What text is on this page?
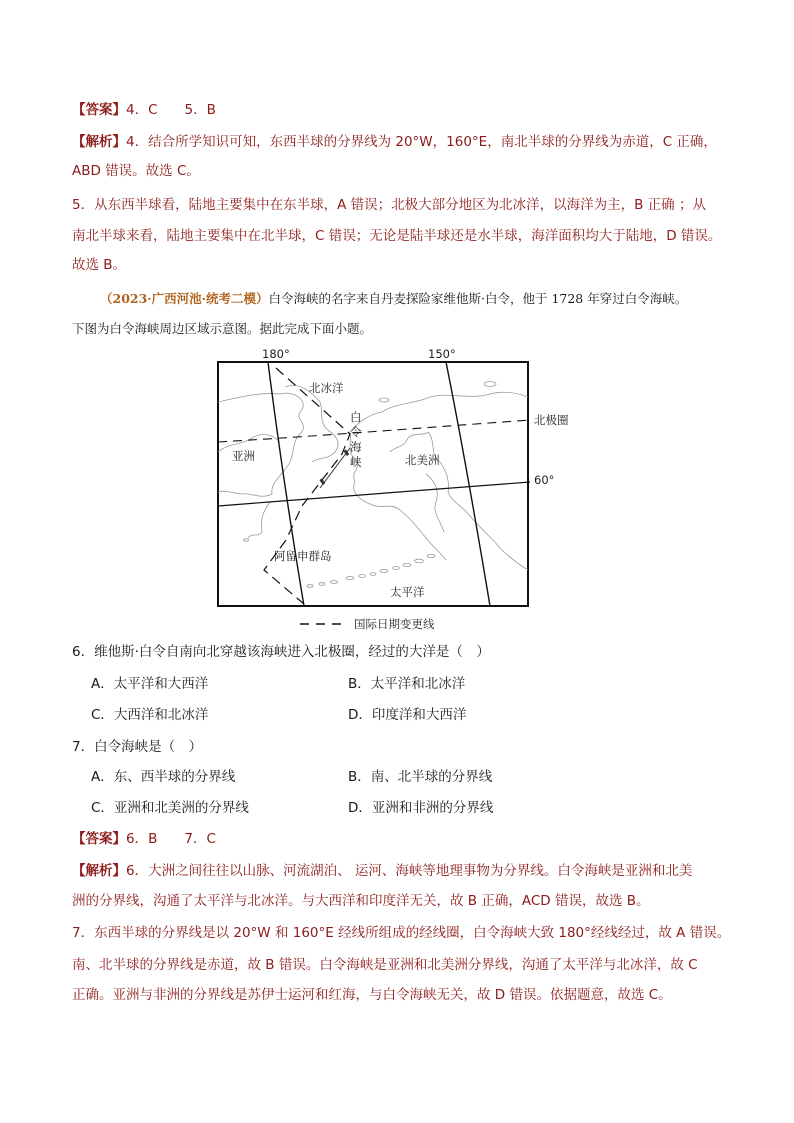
【答案】4．C　　5．B

【解析】4．结合所学知识可知，东西半球的分界线为 20°W，160°E，南北半球的分界线为赤道，C 正确，

ABD 错误。故选 C。

5．从东西半球看，陆地主要集中在东半球，A 错误；北极大部分地区为北冰洋，以海洋为主，B 正确 ；从

南北半球来看，陆地主要集中在北半球，C 错误；无论是陆半球还是水半球，海洋面积均大于陆地，D 错误。

故选 B。

（2023·广西河池·统考二模）白令海峡的名字来自丹麦探险家维他斯·白令，他于 1728 年穿过白令海峡。

下图为白令海峡周边区域示意图。据此完成下面小题。

180°	150°
北冰洋
白
令
海
峡
亚洲	北美洲
北极圈
60°
阿留申群岛
太平洋
国际日期变更线

6．维他斯·白令自南向北穿越该海峡进入北极圈，经过的大洋是（　）

A．太平洋和大西洋	B．太平洋和北冰洋
C．大西洋和北冰洋	D．印度洋和大西洋

7．白令海峡是（　）

A．东、西半球的分界线	B．南、北半球的分界线
C．亚洲和北美洲的分界线	D．亚洲和非洲的分界线

【答案】6．B　　7．C

【解析】6．大洲之间往往以山脉、河流湖泊、 运河、海峡等地理事物为分界线。白令海峡是亚洲和北美

洲的分界线，沟通了太平洋与北冰洋。与大西洋和印度洋无关，故 B 正确，ACD 错误，故选 B。

7．东西半球的分界线是以 20°W 和 160°E 经线所组成的经线圈，白令海峡大致 180°经线经过，故 A 错误。

南、北半球的分界线是赤道，故 B 错误。白令海峡是亚洲和北美洲分界线，沟通了太平洋与北冰洋，故 C

正确。亚洲与非洲的分界线是苏伊士运河和红海，与白令海峡无关，故 D 错误。依据题意，故选 C。
